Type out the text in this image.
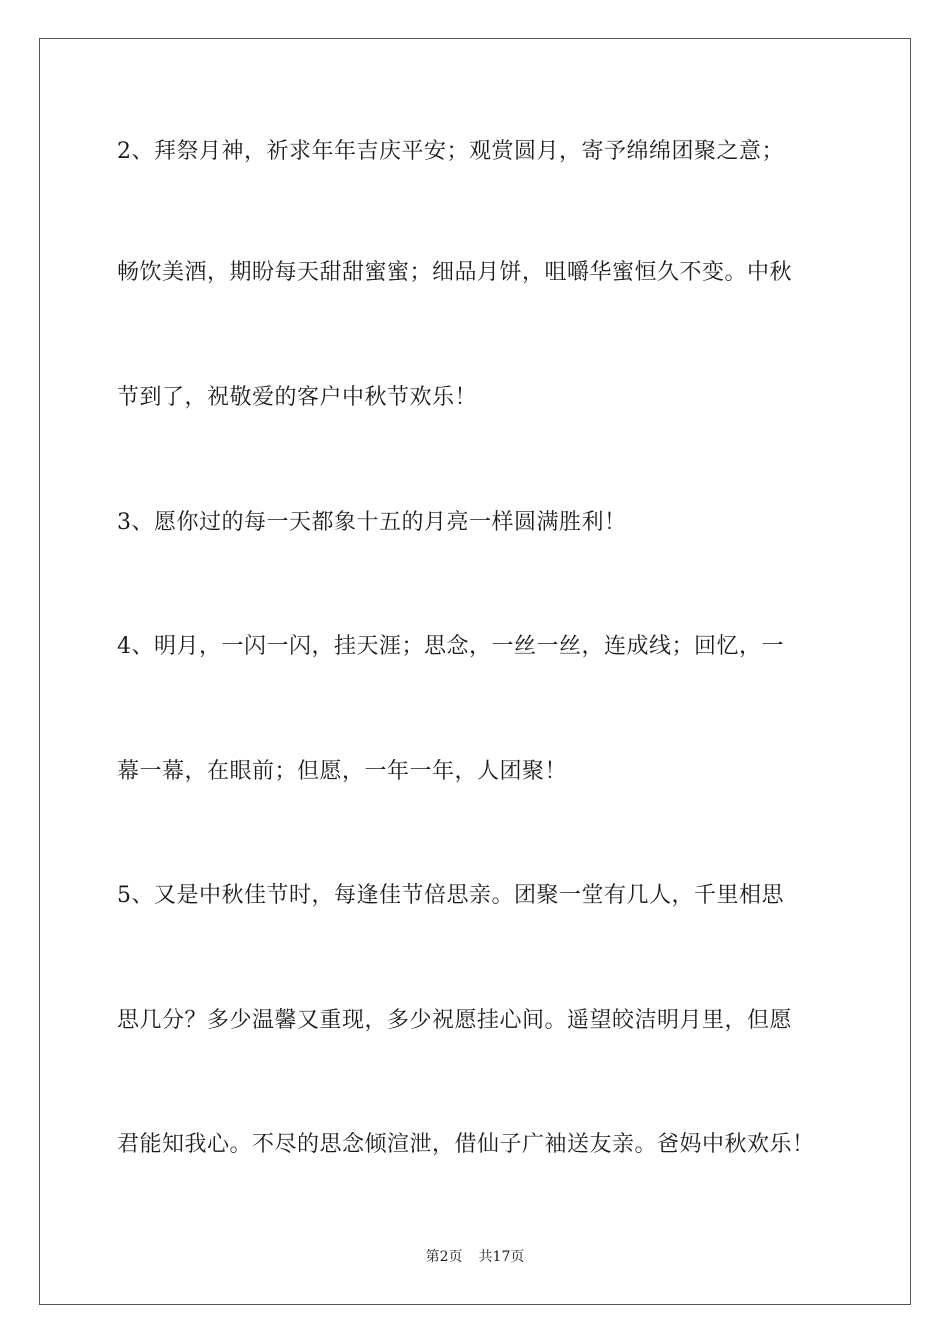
2、拜祭月神，祈求年年吉庆平安；观赏圆月，寄予绵绵团聚之意；
畅饮美酒，期盼每天甜甜蜜蜜；细品月饼，咀嚼华蜜恒久不变。中秋
节到了，祝敬爱的客户中秋节欢乐！
3、愿你过的每一天都象十五的月亮一样圆满胜利！
4、明月，一闪一闪，挂天涯；思念，一丝一丝，连成线；回忆，一
幕一幕，在眼前；但愿，一年一年，人团聚！
5、又是中秋佳节时，每逢佳节倍思亲。团聚一堂有几人，千里相思
思几分？多少温馨又重现，多少祝愿挂心间。遥望皎洁明月里，但愿
君能知我心。不尽的思念倾渲泄，借仙子广袖送友亲。爸妈中秋欢乐！
第2页 共17页
